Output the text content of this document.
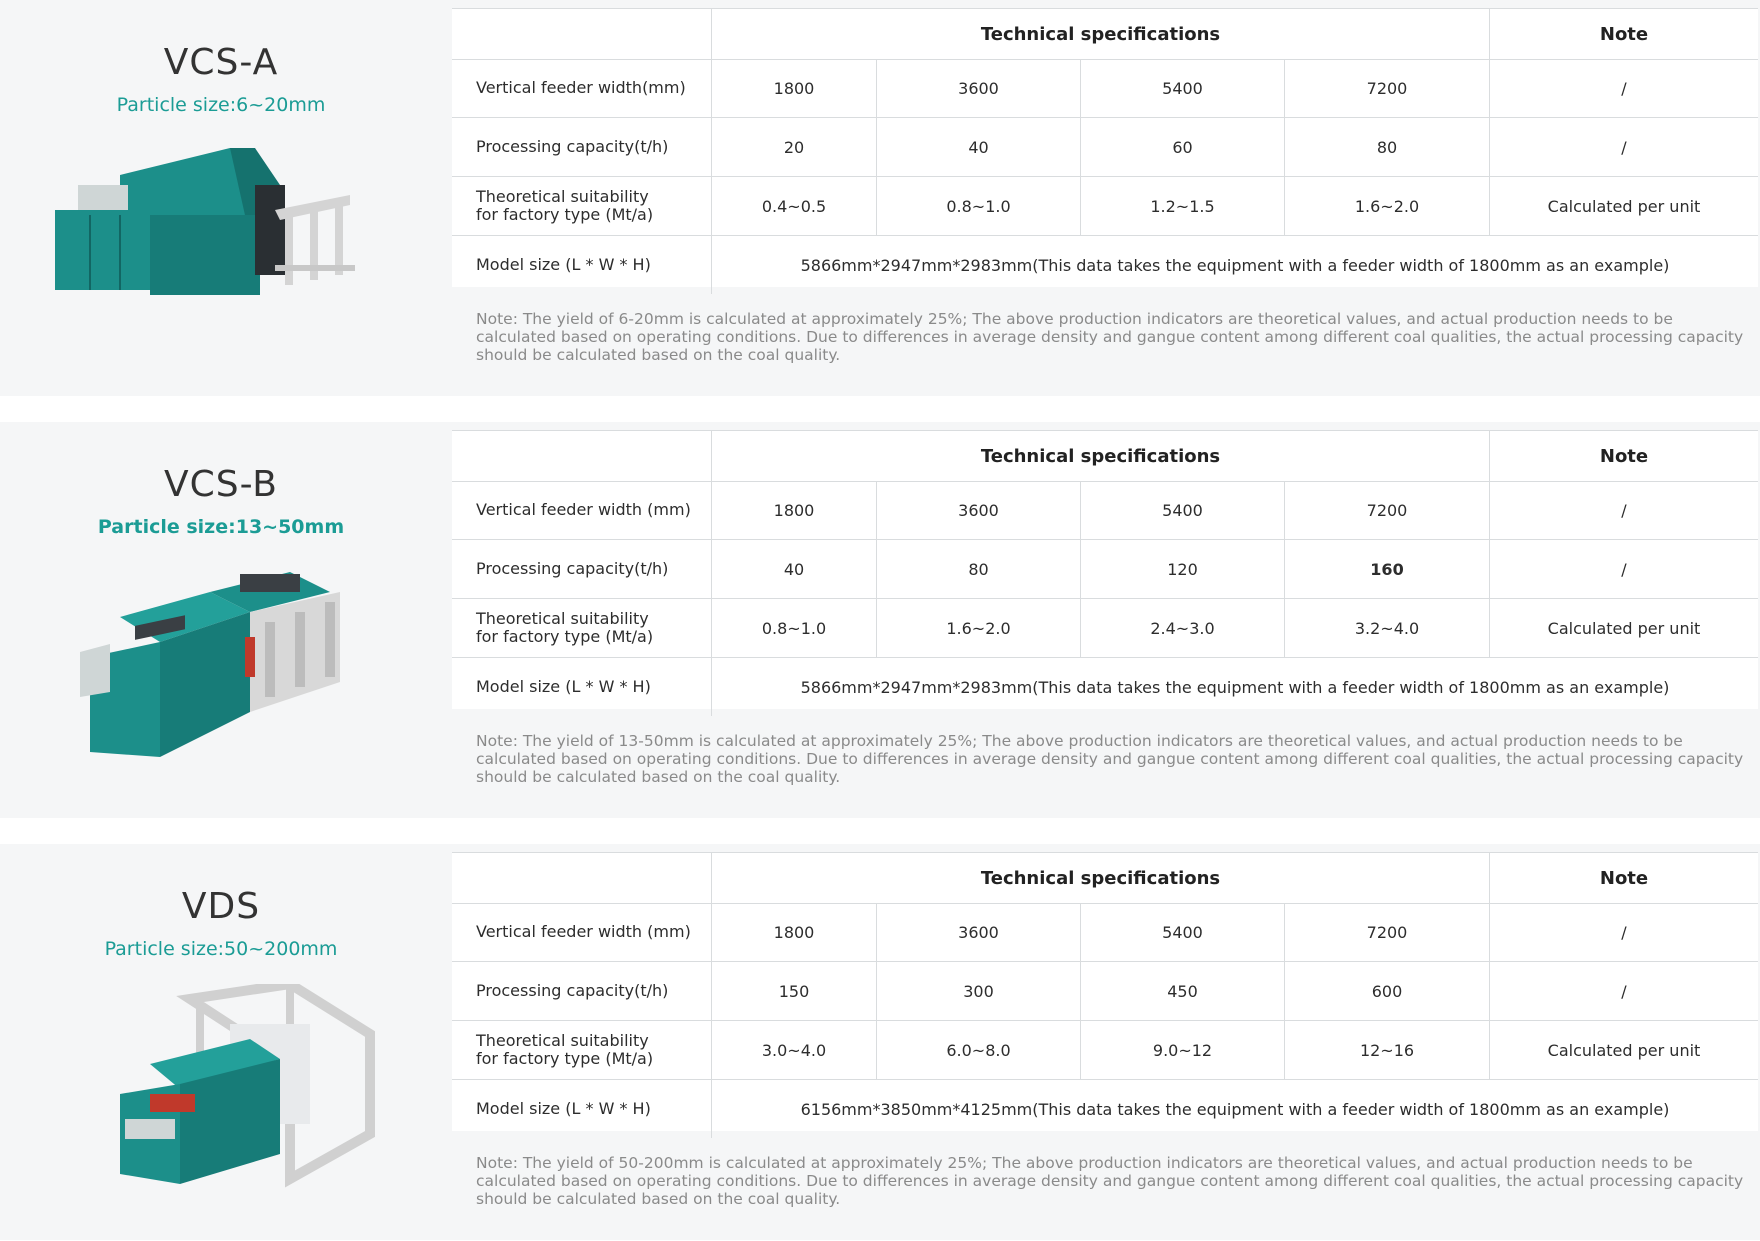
VCS-A
Particle size:6~20mm
Technical specifications	Note
Vertical feeder width(mm)	1800	3600	5400	7200	/
Processing capacity(t/h)	20	40	60	80	/
Theoretical suitability
for factory type (Mt/a)	0.4~0.5	0.8~1.0	1.2~1.5	1.6~2.0	Calculated per unit
Model size (L * W * H)	5866mm*2947mm*2983mm(This data takes the equipment with a feeder width of 1800mm as an example)
Note: The yield of 6-20mm is calculated at approximately 25%; The above production indicators are theoretical values, and actual production needs to be calculated based on operating conditions. Due to differences in average density and gangue content among different coal qualities, the actual processing capacity should be calculated based on the coal quality.
VCS-B
Particle size:13~50mm
Technical specifications	Note
Vertical feeder width (mm)	1800	3600	5400	7200	/
Processing capacity(t/h)	40	80	120	160	/
Theoretical suitability
for factory type (Mt/a)	0.8~1.0	1.6~2.0	2.4~3.0	3.2~4.0	Calculated per unit
Model size (L * W * H)	5866mm*2947mm*2983mm(This data takes the equipment with a feeder width of 1800mm as an example)
Note: The yield of 13-50mm is calculated at approximately 25%; The above production indicators are theoretical values, and actual production needs to be calculated based on operating conditions. Due to differences in average density and gangue content among different coal qualities, the actual processing capacity should be calculated based on the coal quality.
VDS
Particle size:50~200mm
Technical specifications	Note
Vertical feeder width (mm)	1800	3600	5400	7200	/
Processing capacity(t/h)	150	300	450	600	/
Theoretical suitability
for factory type (Mt/a)	3.0~4.0	6.0~8.0	9.0~12	12~16	Calculated per unit
Model size (L * W * H)	6156mm*3850mm*4125mm(This data takes the equipment with a feeder width of 1800mm as an example)
Note: The yield of 50-200mm is calculated at approximately 25%; The above production indicators are theoretical values, and actual production needs to be calculated based on operating conditions. Due to differences in average density and gangue content among different coal qualities, the actual processing capacity should be calculated based on the coal quality.
